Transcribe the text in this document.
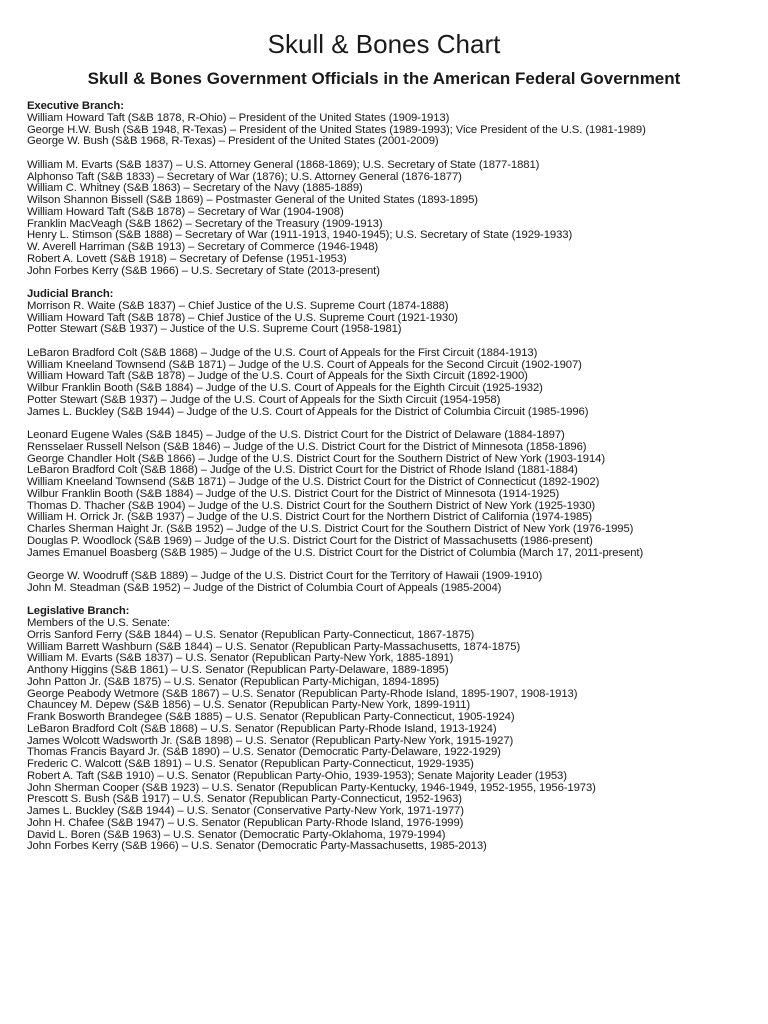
Skull & Bones Chart
Skull & Bones Government Officials in the American Federal Government
Executive Branch:
William Howard Taft (S&B 1878, R-Ohio) – President of the United States (1909-1913)
George H.W. Bush (S&B 1948, R-Texas) – President of the United States (1989-1993); Vice President of the U.S. (1981-1989)
George W. Bush (S&B 1968, R-Texas) – President of the United States (2001-2009)
William M. Evarts (S&B 1837) – U.S. Attorney General (1868-1869); U.S. Secretary of State (1877-1881)
Alphonso Taft (S&B 1833) – Secretary of War (1876); U.S. Attorney General (1876-1877)
William C. Whitney (S&B 1863) – Secretary of the Navy (1885-1889)
Wilson Shannon Bissell (S&B 1869) – Postmaster General of the United States (1893-1895)
William Howard Taft (S&B 1878) – Secretary of War (1904-1908)
Franklin MacVeagh (S&B 1862) – Secretary of the Treasury (1909-1913)
Henry L. Stimson (S&B 1888) – Secretary of War (1911-1913, 1940-1945); U.S. Secretary of State (1929-1933)
W. Averell Harriman (S&B 1913) – Secretary of Commerce (1946-1948)
Robert A. Lovett (S&B 1918) – Secretary of Defense (1951-1953)
John Forbes Kerry (S&B 1966) – U.S. Secretary of State (2013-present)
Judicial Branch:
Morrison R. Waite (S&B 1837) – Chief Justice of the U.S. Supreme Court (1874-1888)
William Howard Taft (S&B 1878) – Chief Justice of the U.S. Supreme Court (1921-1930)
Potter Stewart (S&B 1937) – Justice of the U.S. Supreme Court (1958-1981)
LeBaron Bradford Colt (S&B 1868) – Judge of the U.S. Court of Appeals for the First Circuit (1884-1913)
William Kneeland Townsend (S&B 1871) – Judge of the U.S. Court of Appeals for the Second Circuit (1902-1907)
William Howard Taft (S&B 1878) – Judge of the U.S. Court of Appeals for the Sixth Circuit (1892-1900)
Wilbur Franklin Booth (S&B 1884) – Judge of the U.S. Court of Appeals for the Eighth Circuit (1925-1932)
Potter Stewart (S&B 1937) – Judge of the U.S. Court of Appeals for the Sixth Circuit (1954-1958)
James L. Buckley (S&B 1944) – Judge of the U.S. Court of Appeals for the District of Columbia Circuit (1985-1996)
Leonard Eugene Wales (S&B 1845) – Judge of the U.S. District Court for the District of Delaware (1884-1897)
Rensselaer Russell Nelson (S&B 1846) – Judge of the U.S. District Court for the District of Minnesota (1858-1896)
George Chandler Holt (S&B 1866) – Judge of the U.S. District Court for the Southern District of New York (1903-1914)
LeBaron Bradford Colt (S&B 1868) – Judge of the U.S. District Court for the District of Rhode Island (1881-1884)
William Kneeland Townsend (S&B 1871) – Judge of the U.S. District Court for the District of Connecticut (1892-1902)
Wilbur Franklin Booth (S&B 1884) – Judge of the U.S. District Court for the District of Minnesota (1914-1925)
Thomas D. Thacher (S&B 1904) – Judge of the U.S. District Court for the Southern District of New York (1925-1930)
William H. Orrick Jr. (S&B 1937) – Judge of the U.S. District Court for the Northern District of California (1974-1985)
Charles Sherman Haight Jr. (S&B 1952) – Judge of the U.S. District Court for the Southern District of New York (1976-1995)
Douglas P. Woodlock (S&B 1969) – Judge of the U.S. District Court for the District of Massachusetts (1986-present)
James Emanuel Boasberg (S&B 1985) – Judge of the U.S. District Court for the District of Columbia (March 17, 2011-present)
George W. Woodruff (S&B 1889) – Judge of the U.S. District Court for the Territory of Hawaii (1909-1910)
John M. Steadman (S&B 1952) – Judge of the District of Columbia Court of Appeals (1985-2004)
Legislative Branch:
Members of the U.S. Senate:
Orris Sanford Ferry (S&B 1844) – U.S. Senator (Republican Party-Connecticut, 1867-1875)
William Barrett Washburn (S&B 1844) – U.S. Senator (Republican Party-Massachusetts, 1874-1875)
William M. Evarts (S&B 1837) – U.S. Senator (Republican Party-New York, 1885-1891)
Anthony Higgins (S&B 1861) – U.S. Senator (Republican Party-Delaware, 1889-1895)
John Patton Jr. (S&B 1875) – U.S. Senator (Republican Party-Michigan, 1894-1895)
George Peabody Wetmore (S&B 1867) – U.S. Senator (Republican Party-Rhode Island, 1895-1907, 1908-1913)
Chauncey M. Depew (S&B 1856) – U.S. Senator (Republican Party-New York, 1899-1911)
Frank Bosworth Brandegee (S&B 1885) – U.S. Senator (Republican Party-Connecticut, 1905-1924)
LeBaron Bradford Colt (S&B 1868) – U.S. Senator (Republican Party-Rhode Island, 1913-1924)
James Wolcott Wadsworth Jr. (S&B 1898) – U.S. Senator (Republican Party-New York, 1915-1927)
Thomas Francis Bayard Jr. (S&B 1890) – U.S. Senator (Democratic Party-Delaware, 1922-1929)
Frederic C. Walcott (S&B 1891) – U.S. Senator (Republican Party-Connecticut, 1929-1935)
Robert A. Taft (S&B 1910) – U.S. Senator (Republican Party-Ohio, 1939-1953); Senate Majority Leader (1953)
John Sherman Cooper (S&B 1923) – U.S. Senator (Republican Party-Kentucky, 1946-1949, 1952-1955, 1956-1973)
Prescott S. Bush (S&B 1917) – U.S. Senator (Republican Party-Connecticut, 1952-1963)
James L. Buckley (S&B 1944) – U.S. Senator (Conservative Party-New York, 1971-1977)
John H. Chafee (S&B 1947) – U.S. Senator (Republican Party-Rhode Island, 1976-1999)
David L. Boren (S&B 1963) – U.S. Senator (Democratic Party-Oklahoma, 1979-1994)
John Forbes Kerry (S&B 1966) – U.S. Senator (Democratic Party-Massachusetts, 1985-2013)
